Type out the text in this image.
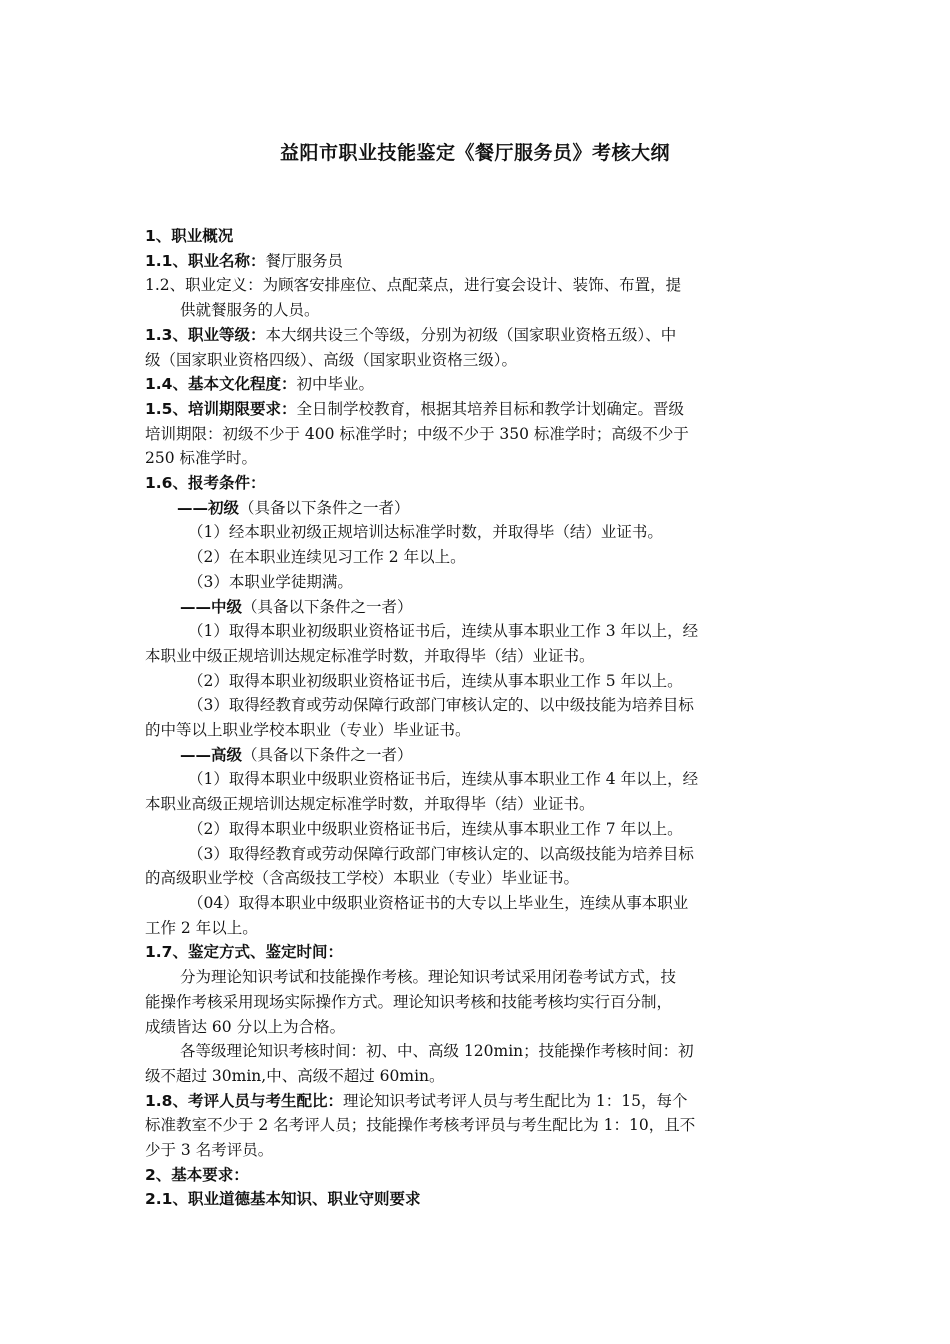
益阳市职业技能鉴定《餐厅服务员》考核大纲

1、职业概况

1.1、职业名称：餐厅服务员

1.2、职业定义：为顾客安排座位、点配菜点，进行宴会设计、装饰、布置，提

供就餐服务的人员。

1.3、职业等级：本大纲共设三个等级，分别为初级（国家职业资格五级）、中

级（国家职业资格四级）、高级（国家职业资格三级）。

1.4、基本文化程度：初中毕业。

1.5、培训期限要求：全日制学校教育，根据其培养目标和教学计划确定。晋级

培训期限：初级不少于 400 标准学时；中级不少于 350 标准学时；高级不少于

250 标准学时。

1.6、报考条件：

——初级（具备以下条件之一者）

（1）经本职业初级正规培训达标准学时数，并取得毕（结）业证书。

（2）在本职业连续见习工作 2 年以上。

（3）本职业学徒期满。

——中级（具备以下条件之一者）

（1）取得本职业初级职业资格证书后，连续从事本职业工作 3 年以上，经

本职业中级正规培训达规定标准学时数，并取得毕（结）业证书。

（2）取得本职业初级职业资格证书后，连续从事本职业工作 5 年以上。

（3）取得经教育或劳动保障行政部门审核认定的、以中级技能为培养目标

的中等以上职业学校本职业（专业）毕业证书。

——高级（具备以下条件之一者）

（1）取得本职业中级职业资格证书后，连续从事本职业工作 4 年以上，经

本职业高级正规培训达规定标准学时数，并取得毕（结）业证书。

（2）取得本职业中级职业资格证书后，连续从事本职业工作 7 年以上。

（3）取得经教育或劳动保障行政部门审核认定的、以高级技能为培养目标

的高级职业学校（含高级技工学校）本职业（专业）毕业证书。

（04）取得本职业中级职业资格证书的大专以上毕业生，连续从事本职业

工作 2 年以上。

1.7、鉴定方式、鉴定时间：

分为理论知识考试和技能操作考核。理论知识考试采用闭卷考试方式，技

能操作考核采用现场实际操作方式。理论知识考核和技能考核均实行百分制，

成绩皆达 60 分以上为合格。

各等级理论知识考核时间：初、中、高级 120min；技能操作考核时间：初

级不超过 30min,中、高级不超过 60min。

1.8、考评人员与考生配比：理论知识考试考评人员与考生配比为 1：15，每个

标准教室不少于 2 名考评人员；技能操作考核考评员与考生配比为 1：10，且不

少于 3 名考评员。

2、基本要求：

2.1、职业道德基本知识、职业守则要求
